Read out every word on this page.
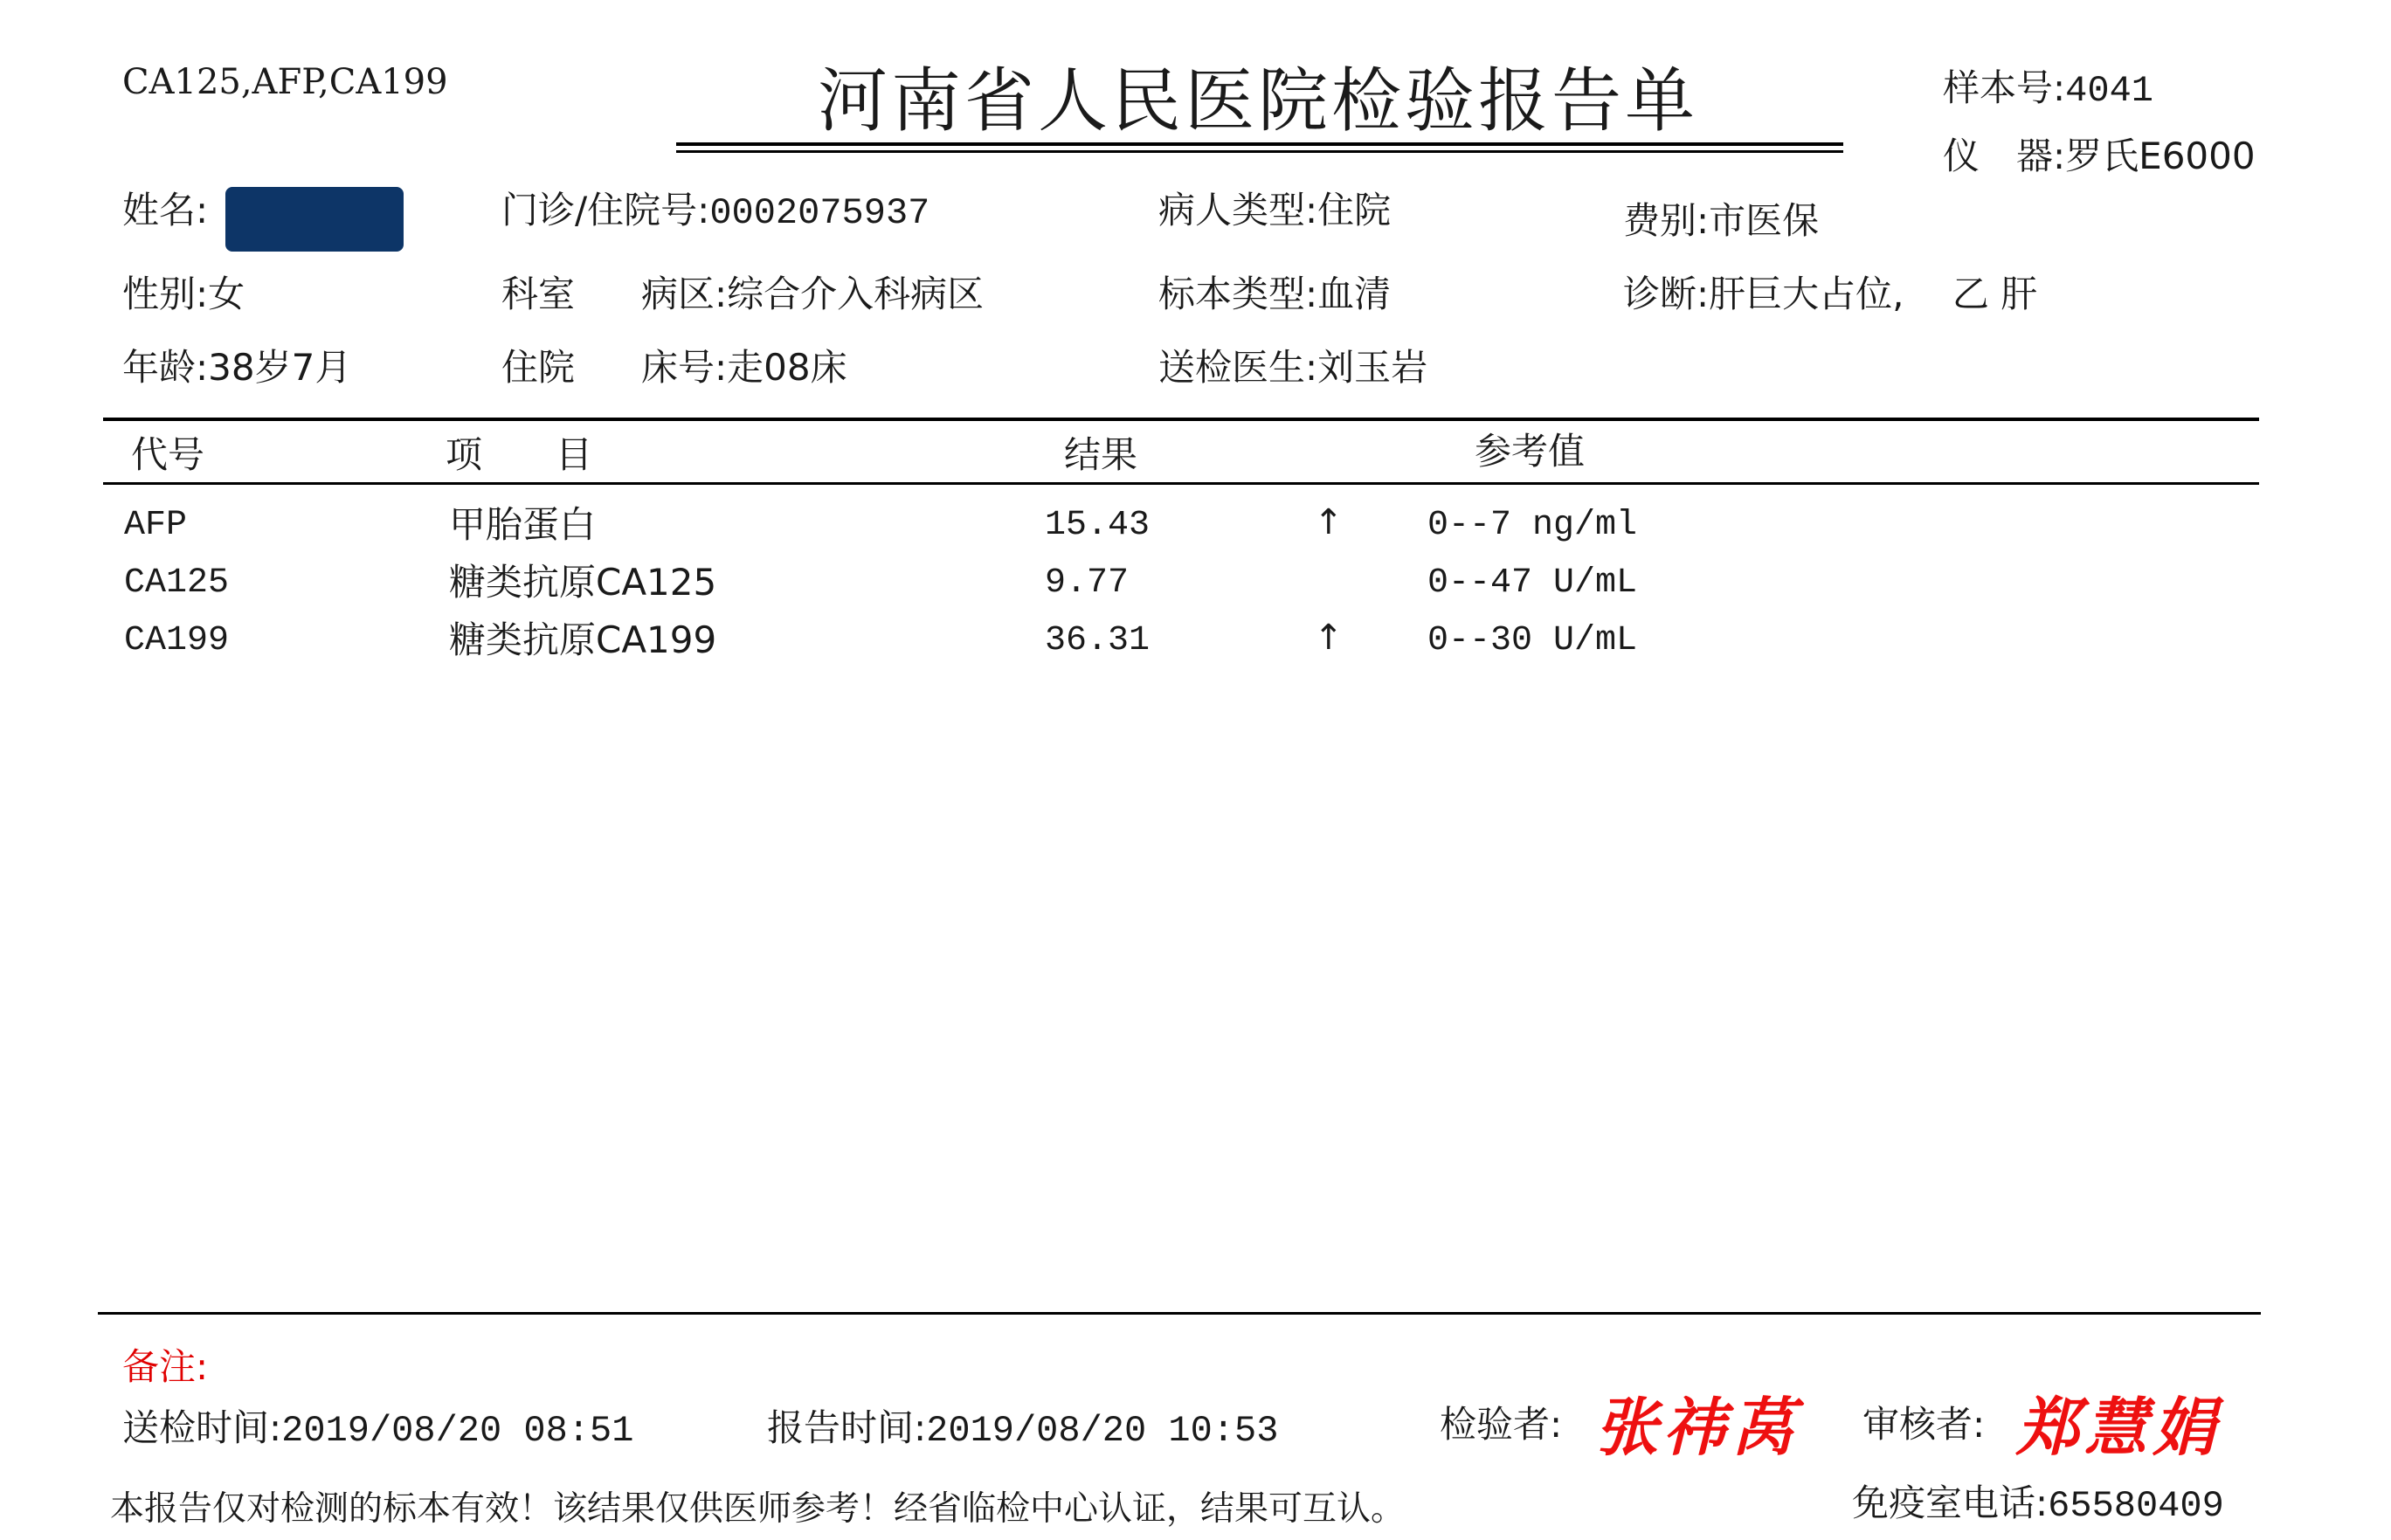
CA125,AFP,CA199	河南省人民医院检验报告单	样本号:4041
仪　器:罗氏E6000
姓名:	门诊/住院号:0002075937	病人类型:住院	费别:市医保
性别:女	科室 病区:综合介入科病区	标本类型:血清	诊断:肝巨大占位,　 乙 肝
年龄:38岁7月	住院 床号:走08床	送检医生:刘玉岩
代号	项　　目	结果	参考值
AFP	甲胎蛋白	15.43	↑ 0--7 ng/ml
CA125	糖类抗原CA125	9.77	0--47 U/mL
CA199	糖类抗原CA199	36.31	↑ 0--30 U/mL
备注:
送检时间:2019/08/20 08:51	报告时间:2019/08/20 10:53	检验者: 张祎莴 审核者: 郑慧娟
本报告仅对检测的标本有效！该结果仅供医师参考！经省临检中心认证，结果可互认。	免疫室电话:65580409
